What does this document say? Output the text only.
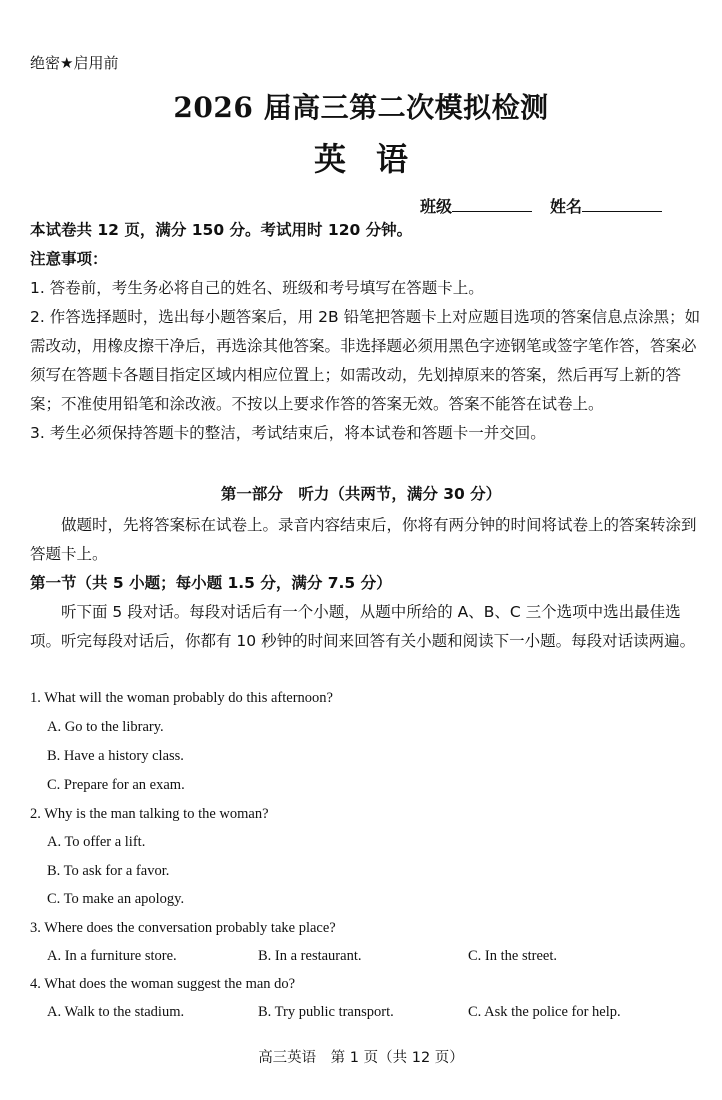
绝密★启用前
2026 届高三第二次模拟检测
英语
班级	姓名
本试卷共 12 页，满分 150 分。考试用时 120 分钟。
注意事项：
1. 答卷前，考生务必将自己的姓名、班级和考号填写在答题卡上。
2. 作答选择题时，选出每小题答案后，用 2B 铅笔把答题卡上对应题目选项的答案信息点涂黑；如需改动，用橡皮擦干净后，再选涂其他答案。非选择题必须用黑色字迹钢笔或签字笔作答，答案必须写在答题卡各题目指定区域内相应位置上；如需改动，先划掉原来的答案，然后再写上新的答案；不准使用铅笔和涂改液。不按以上要求作答的答案无效。答案不能答在试卷上。
3. 考生必须保持答题卡的整洁，考试结束后，将本试卷和答题卡一并交回。
第一部分　听力（共两节，满分 30 分）
做题时，先将答案标在试卷上。录音内容结束后，你将有两分钟的时间将试卷上的答案转涂到答题卡上。
第一节（共 5 小题；每小题 1.5 分，满分 7.5 分）
听下面 5 段对话。每段对话后有一个小题，从题中所给的 A、B、C 三个选项中选出最佳选项。听完每段对话后，你都有 10 秒钟的时间来回答有关小题和阅读下一小题。每段对话读两遍。
1. What will the woman probably do this afternoon?
A. Go to the library.
B. Have a history class.
C. Prepare for an exam.
2. Why is the man talking to the woman?
A. To offer a lift.
B. To ask for a favor.
C. To make an apology.
3. Where does the conversation probably take place?
A. In a furniture store.	B. In a restaurant.	C. In the street.
4. What does the woman suggest the man do?
A. Walk to the stadium.	B. Try public transport.	C. Ask the police for help.
高三英语　第 1 页（共 12 页）
